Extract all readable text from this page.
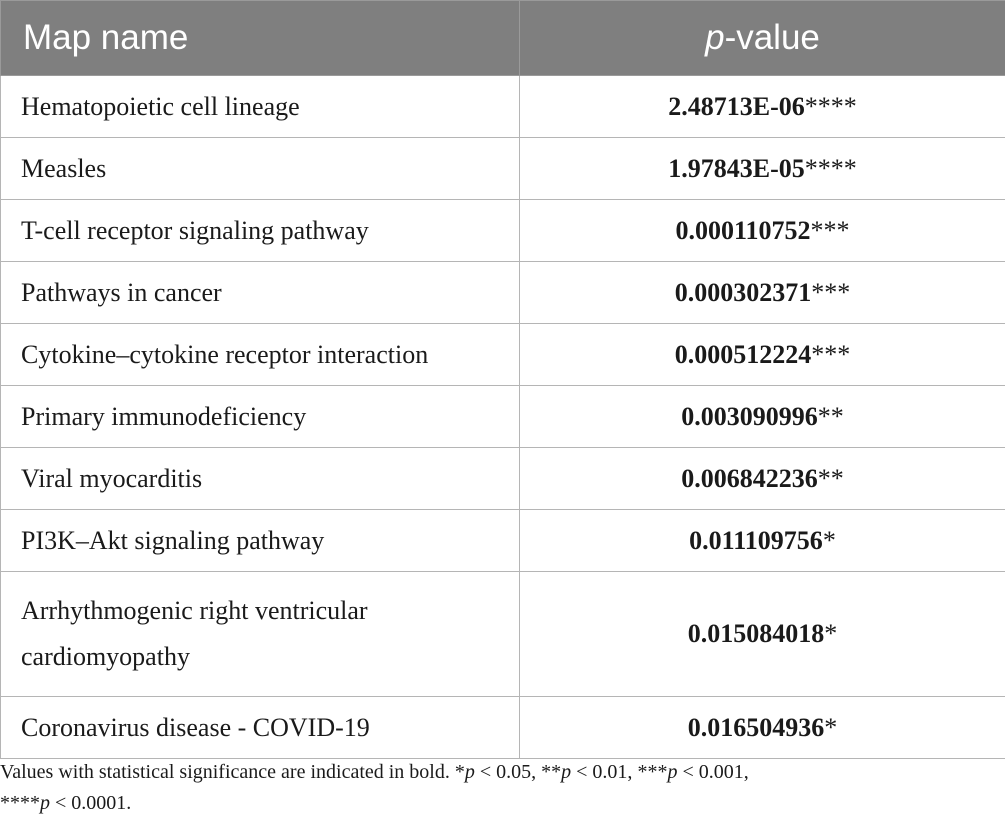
Map name	p-value
Hematopoietic cell lineage	2.48713E-06****
Measles	1.97843E-05****
T-cell receptor signaling pathway	0.000110752***
Pathways in cancer	0.000302371***
Cytokine–cytokine receptor interaction	0.000512224***
Primary immunodeficiency	0.003090996**
Viral myocarditis	0.006842236**
PI3K–Akt signaling pathway	0.011109756*
Arrhythmogenic right ventricular cardiomyopathy	0.015084018*
Coronavirus disease - COVID-19	0.016504936*
Values with statistical significance are indicated in bold. *p < 0.05, **p < 0.01, ***p < 0.001,
****p < 0.0001.
